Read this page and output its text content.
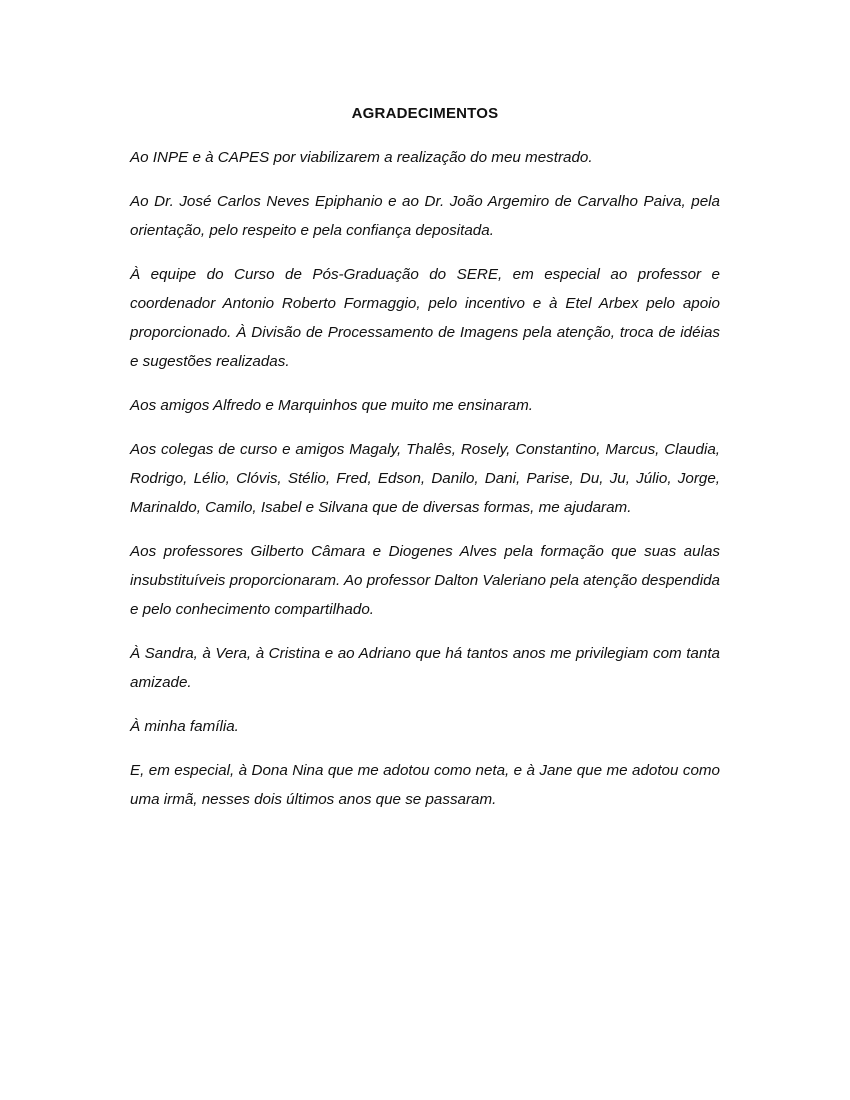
AGRADECIMENTOS

Ao INPE e à CAPES por viabilizarem a realização do meu mestrado.

Ao Dr. José Carlos Neves Epiphanio e ao Dr. João Argemiro de Carvalho Paiva, pela orientação, pelo respeito e pela confiança depositada.

À equipe do Curso de Pós-Graduação do SERE, em especial ao professor e coordenador Antonio Roberto Formaggio, pelo incentivo e à Etel Arbex pelo apoio proporcionado. À Divisão de Processamento de Imagens pela atenção, troca de idéias e sugestões realizadas.

Aos amigos Alfredo e Marquinhos que muito me ensinaram.

Aos colegas de curso e amigos Magaly, Thalês, Rosely, Constantino, Marcus, Claudia, Rodrigo, Lélio, Clóvis, Stélio, Fred, Edson, Danilo, Dani, Parise, Du, Ju, Júlio, Jorge, Marinaldo, Camilo, Isabel e Silvana que de diversas formas, me ajudaram.

Aos professores Gilberto Câmara e Diogenes Alves pela formação que suas aulas insubstituíveis proporcionaram. Ao professor Dalton Valeriano pela atenção despendida e pelo conhecimento compartilhado.

À Sandra, à Vera, à Cristina e ao Adriano que há tantos anos me privilegiam com tanta amizade.

À minha família.

E, em especial, à Dona Nina que me adotou como neta, e à Jane que me adotou como uma irmã, nesses dois últimos anos que se passaram.
